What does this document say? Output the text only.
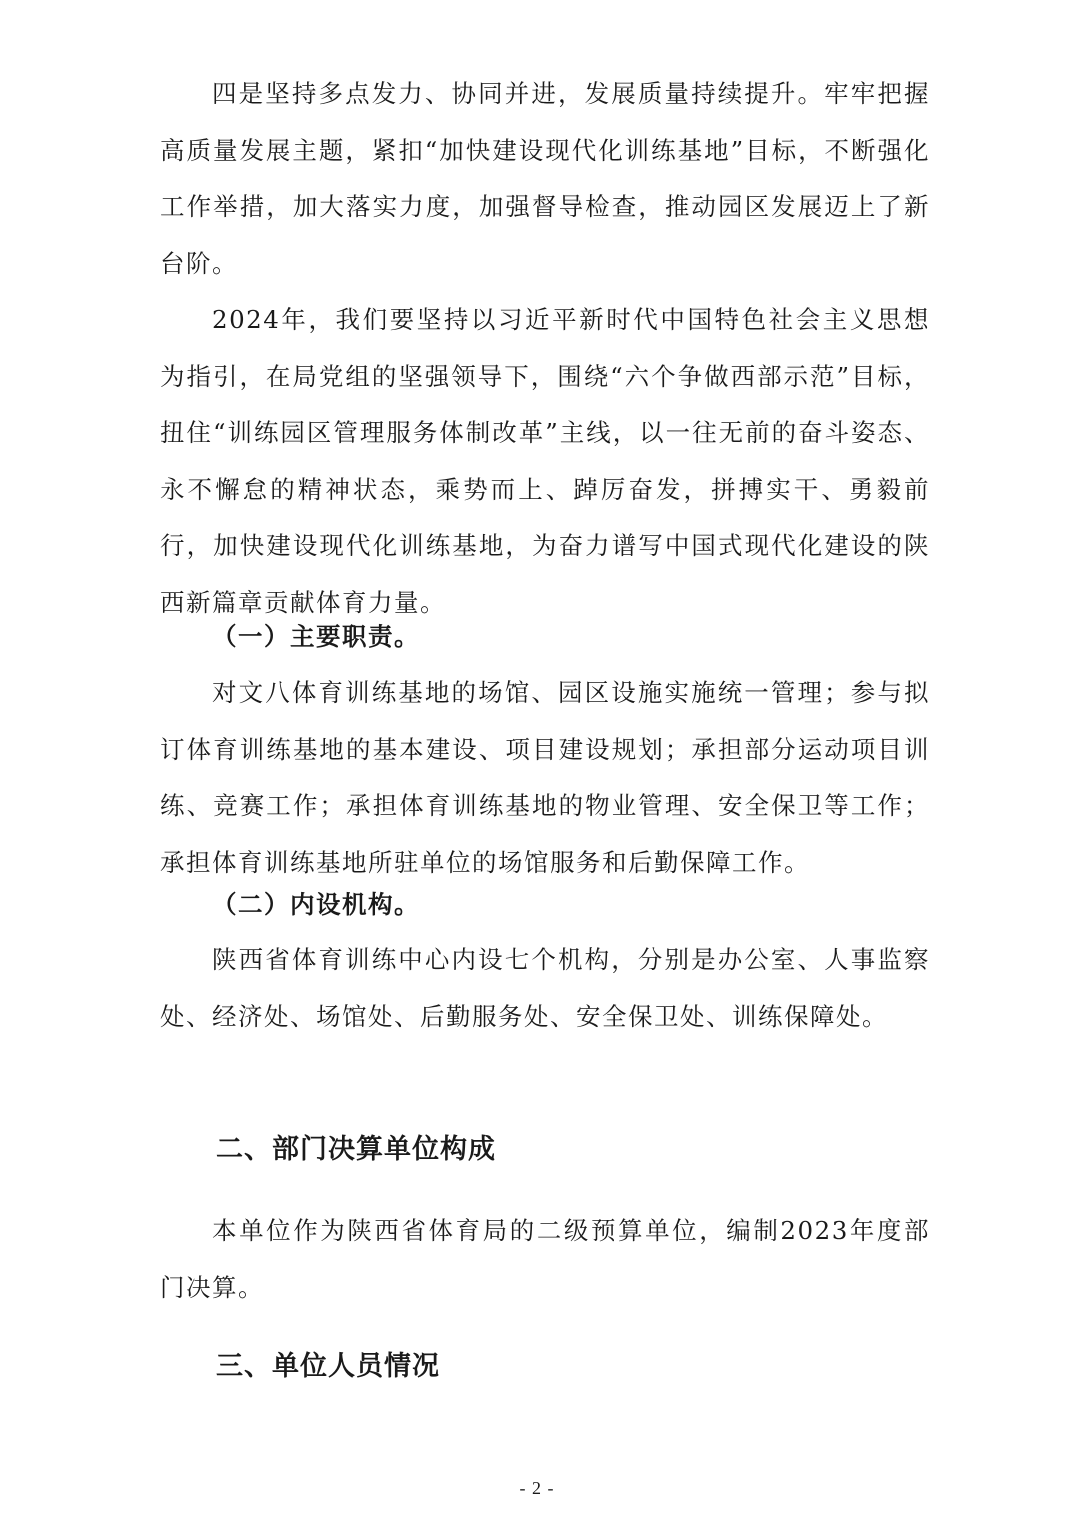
四是坚持多点发力、协同并进，发展质量持续提升。牢牢把握高质量发展主题，紧扣“加快建设现代化训练基地”目标，不断强化工作举措，加大落实力度，加强督导检查，推动园区发展迈上了新台阶。

2024年，我们要坚持以习近平新时代中国特色社会主义思想为指引，在局党组的坚强领导下，围绕“六个争做西部示范”目标，扭住“训练园区管理服务体制改革”主线，以一往无前的奋斗姿态、永不懈怠的精神状态，乘势而上、踔厉奋发，拼搏实干、勇毅前行，加快建设现代化训练基地，为奋力谱写中国式现代化建设的陕西新篇章贡献体育力量。

（一）主要职责。

对文八体育训练基地的场馆、园区设施实施统一管理；参与拟订体育训练基地的基本建设、项目建设规划；承担部分运动项目训练、竞赛工作；承担体育训练基地的物业管理、安全保卫等工作；承担体育训练基地所驻单位的场馆服务和后勤保障工作。

（二）内设机构。

陕西省体育训练中心内设七个机构，分别是办公室、人事监察处、经济处、场馆处、后勤服务处、安全保卫处、训练保障处。

二、部门决算单位构成

本单位作为陕西省体育局的二级预算单位，编制2023年度部门决算。

三、单位人员情况
- 2 -
